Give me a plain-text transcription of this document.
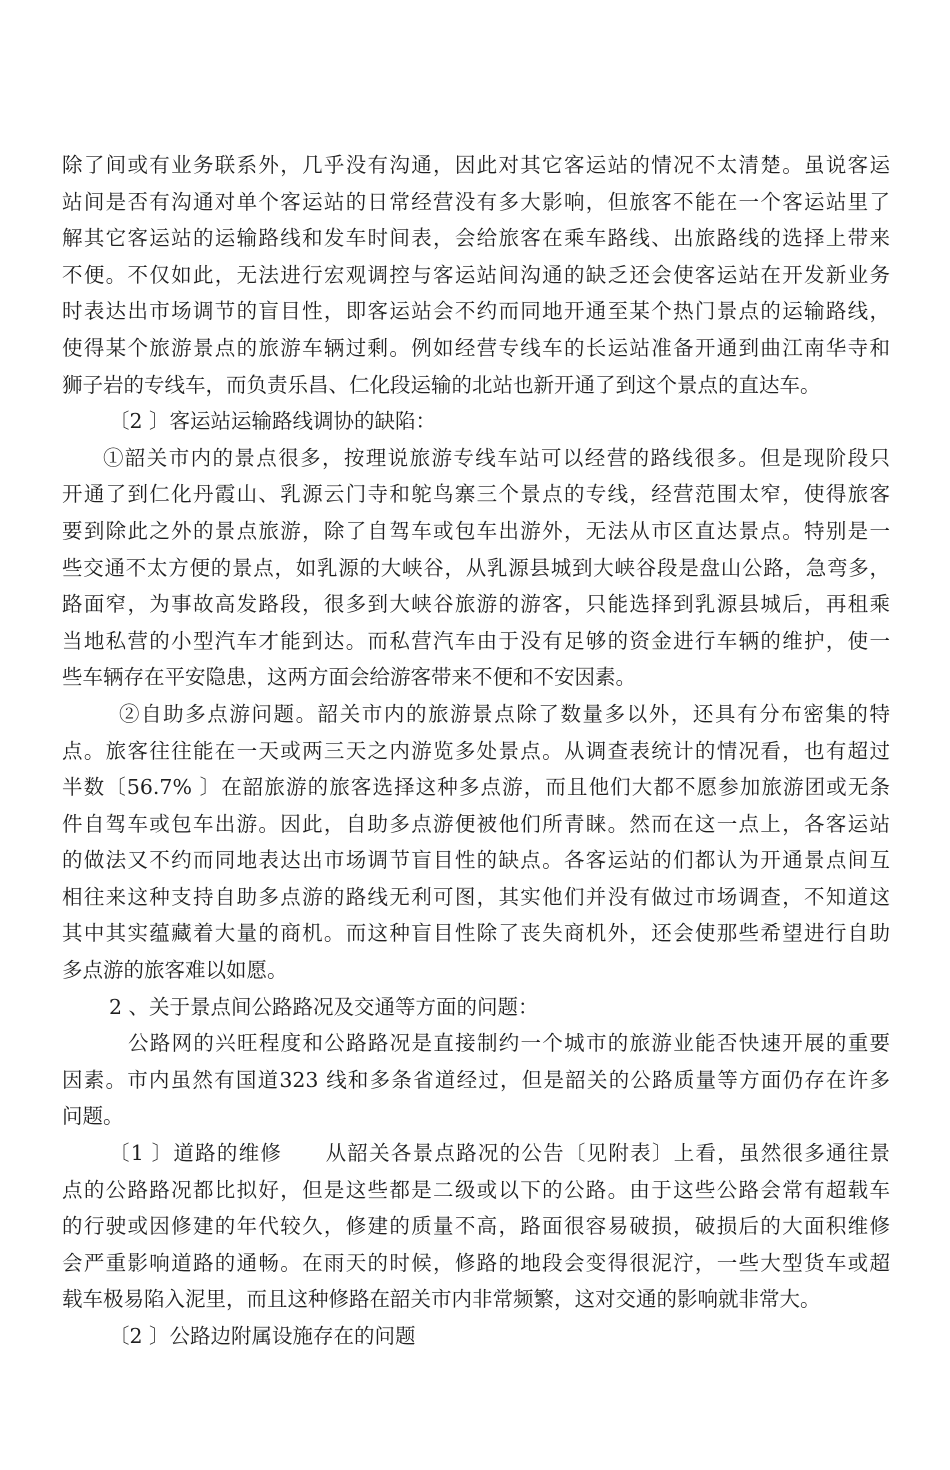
除了间或有业务联系外，几乎没有沟通，因此对其它客运站的情况不太清楚。虽说客运
站间是否有沟通对单个客运站的日常经营没有多大影响，但旅客不能在一个客运站里了
解其它客运站的运输路线和发车时间表，会给旅客在乘车路线、出旅路线的选择上带来
不便。不仅如此，无法进行宏观调控与客运站间沟通的缺乏还会使客运站在开发新业务
时表达出市场调节的盲目性，即客运站会不约而同地开通至某个热门景点的运输路线，
使得某个旅游景点的旅游车辆过剩。例如经营专线车的长运站准备开通到曲江南华寺和
狮子岩的专线车，而负责乐昌、仁化段运输的北站也新开通了到这个景点的直达车。
〔2 〕客运站运输路线调协的缺陷：
①韶关市内的景点很多，按理说旅游专线车站可以经营的路线很多。但是现阶段只
开通了到仁化丹霞山、乳源云门寺和鸵鸟寨三个景点的专线，经营范围太窄，使得旅客
要到除此之外的景点旅游，除了自驾车或包车出游外，无法从市区直达景点。特别是一
些交通不太方便的景点，如乳源的大峡谷，从乳源县城到大峡谷段是盘山公路，急弯多，
路面窄，为事故高发路段，很多到大峡谷旅游的游客，只能选择到乳源县城后，再租乘
当地私营的小型汽车才能到达。而私营汽车由于没有足够的资金进行车辆的维护，使一
些车辆存在平安隐患，这两方面会给游客带来不便和不安因素。
②自助多点游问题。韶关市内的旅游景点除了数量多以外，还具有分布密集的特
点。旅客往往能在一天或两三天之内游览多处景点。从调查表统计的情况看，也有超过
半数〔56.7% 〕在韶旅游的旅客选择这种多点游，而且他们大都不愿参加旅游团或无条
件自驾车或包车出游。因此，自助多点游便被他们所青睐。然而在这一点上，各客运站
的做法又不约而同地表达出市场调节盲目性的缺点。各客运站的们都认为开通景点间互
相往来这种支持自助多点游的路线无利可图，其实他们并没有做过市场调查，不知道这
其中其实蕴藏着大量的商机。而这种盲目性除了丧失商机外，还会使那些希望进行自助
多点游的旅客难以如愿。
2 、关于景点间公路路况及交通等方面的问题：
公路网的兴旺程度和公路路况是直接制约一个城市的旅游业能否快速开展的重要
因素。市内虽然有国道323 线和多条省道经过，但是韶关的公路质量等方面仍存在许多
问题。
〔1 〕道路的维修　　从韶关各景点路况的公告〔见附表〕上看，虽然很多通往景
点的公路路况都比拟好，但是这些都是二级或以下的公路。由于这些公路会常有超载车
的行驶或因修建的年代较久，修建的质量不高，路面很容易破损，破损后的大面积维修
会严重影响道路的通畅。在雨天的时候，修路的地段会变得很泥泞，一些大型货车或超
载车极易陷入泥里，而且这种修路在韶关市内非常频繁，这对交通的影响就非常大。
〔2 〕公路边附属设施存在的问题
